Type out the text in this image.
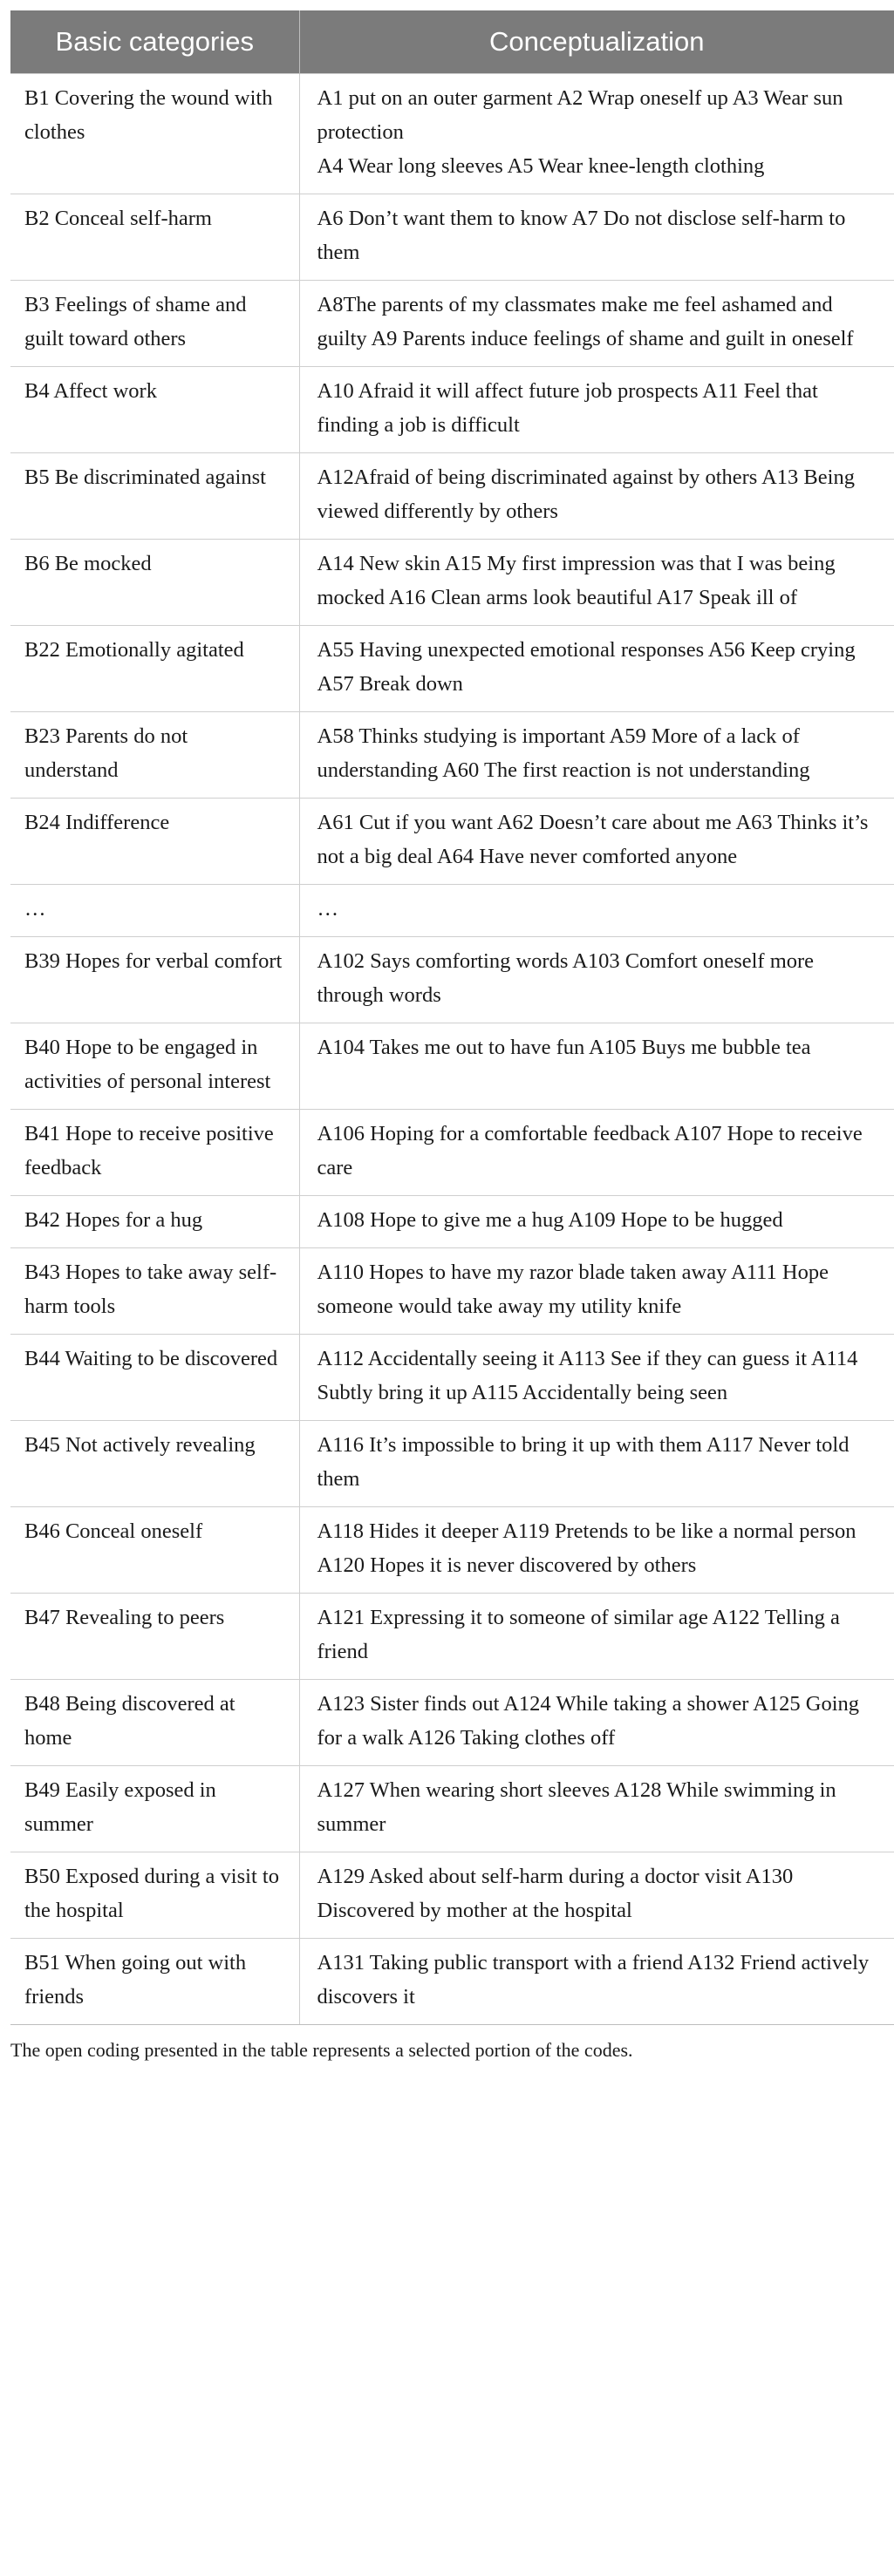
Basic categories	Conceptualization
B1 Covering the wound with clothes	A1 put on an outer garment A2 Wrap oneself up A3 Wear sun protection
A4 Wear long sleeves A5 Wear knee-length clothing
B2 Conceal self-harm	A6 Don’t want them to know A7 Do not disclose self-harm to them
B3 Feelings of shame and guilt toward others	A8The parents of my classmates make me feel ashamed and guilty A9 Parents induce feelings of shame and guilt in oneself
B4 Affect work	A10 Afraid it will affect future job prospects A11 Feel that finding a job is difficult
B5 Be discriminated against	A12Afraid of being discriminated against by others A13 Being viewed differently by others
B6 Be mocked	A14 New skin A15 My first impression was that I was being mocked A16 Clean arms look beautiful A17 Speak ill of
B22 Emotionally agitated	A55 Having unexpected emotional responses A56 Keep crying A57 Break down
B23 Parents do not understand	A58 Thinks studying is important A59 More of a lack of understanding A60 The first reaction is not understanding
B24 Indifference	A61 Cut if you want A62 Doesn’t care about me A63 Thinks it’s not a big deal A64 Have never comforted anyone
…	…
B39 Hopes for verbal comfort	A102 Says comforting words A103 Comfort oneself more through words
B40 Hope to be engaged in activities of personal interest	A104 Takes me out to have fun A105 Buys me bubble tea
B41 Hope to receive positive feedback	A106 Hoping for a comfortable feedback A107 Hope to receive care
B42 Hopes for a hug	A108 Hope to give me a hug A109 Hope to be hugged
B43 Hopes to take away self-harm tools	A110 Hopes to have my razor blade taken away A111 Hope someone would take away my utility knife
B44 Waiting to be discovered	A112 Accidentally seeing it A113 See if they can guess it A114 Subtly bring it up A115 Accidentally being seen
B45 Not actively revealing	A116 It’s impossible to bring it up with them A117 Never told them
B46 Conceal oneself	A118 Hides it deeper A119 Pretends to be like a normal person A120 Hopes it is never discovered by others
B47 Revealing to peers	A121 Expressing it to someone of similar age A122 Telling a friend
B48 Being discovered at home	A123 Sister finds out A124 While taking a shower A125 Going for a walk A126 Taking clothes off
B49 Easily exposed in summer	A127 When wearing short sleeves A128 While swimming in summer
B50 Exposed during a visit to the hospital	A129 Asked about self-harm during a doctor visit A130 Discovered by mother at the hospital
B51 When going out with friends	A131 Taking public transport with a friend A132 Friend actively discovers it
The open coding presented in the table represents a selected portion of the codes.
